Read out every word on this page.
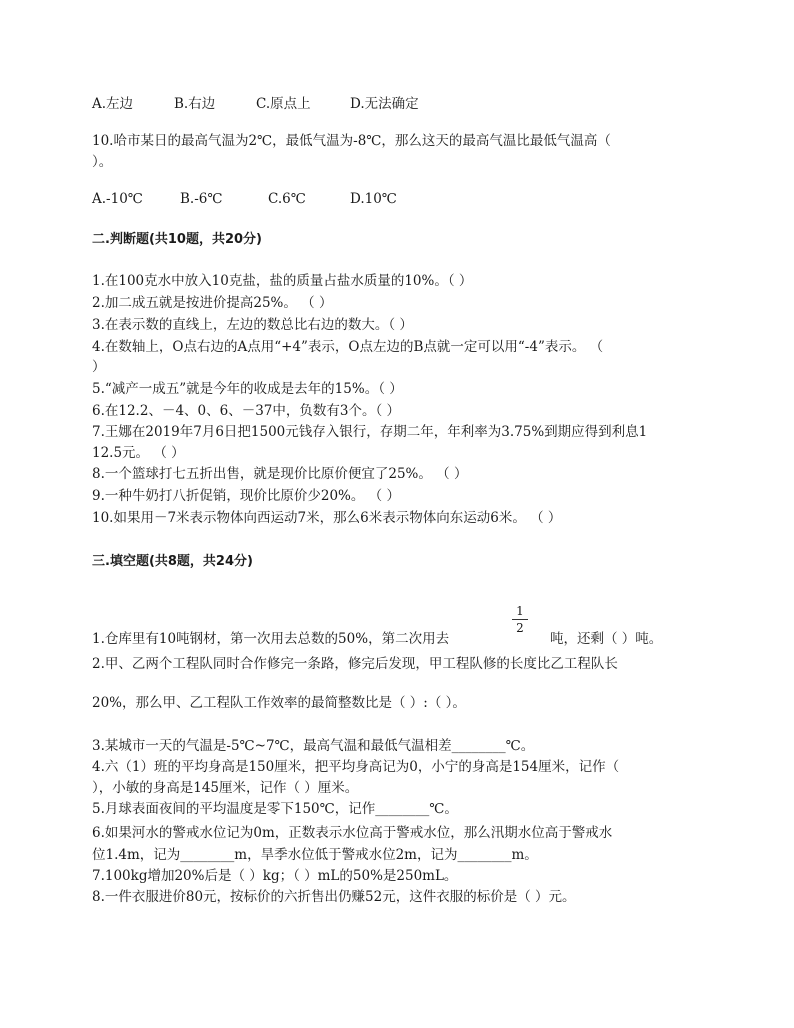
A.左边	B.右边	C.原点上	D.无法确定
10.哈市某日的最高气温为2℃，最低气温为-8℃，那么这天的最高气温比最低气温高（
）。
A.-10℃	B.-6℃	C.6℃	D.10℃
二.判断题(共10题，共20分)
1.在100克水中放入10克盐，盐的质量占盐水质量的10%。（ ）
2.加二成五就是按进价提高25%。 （ ）
3.在表示数的直线上，左边的数总比右边的数大。（ ）
4.在数轴上，O点右边的A点用“+4”表示，O点左边的B点就一定可以用“-4”表示。 （
）
5.“减产一成五”就是今年的收成是去年的15%。（ ）
6.在12.2、－4、0、6、－37中，负数有3个。（ ）
7.王娜在2019年7月6日把1500元钱存入银行，存期二年，年利率为3.75%到期应得到利息1
12.5元。 （ ）
8.一个篮球打七五折出售，就是现价比原价便宜了25%。 （ ）
9.一种牛奶打八折促销，现价比原价少20%。 （ ）
10.如果用－7米表示物体向西运动7米，那么6米表示物体向东运动6米。 （ ）
三.填空题(共8题，共24分)
1
2
1.仓库里有10吨钢材，第一次用去总数的50%，第二次用去	吨，还剩（ ）吨。
2.甲、乙两个工程队同时合作修完一条路，修完后发现，甲工程队修的长度比乙工程队长
20%，那么甲、乙工程队工作效率的最简整数比是（ ）:（ ）。
3.某城市一天的气温是-5℃~7℃，最高气温和最低气温相差________℃。
4.六（1）班的平均身高是150厘米，把平均身高记为0，小宁的身高是154厘米，记作（
），小敏的身高是145厘米，记作（ ）厘米。
5.月球表面夜间的平均温度是零下150℃，记作________℃。
6.如果河水的警戒水位记为0m，正数表示水位高于警戒水位，那么汛期水位高于警戒水
位1.4m，记为________m，旱季水位低于警戒水位2m，记为________m。
7.100kg增加20%后是（ ）kg；（ ）mL的50%是250mL。
8.一件衣服进价80元，按标价的六折售出仍赚52元，这件衣服的标价是（ ）元。
